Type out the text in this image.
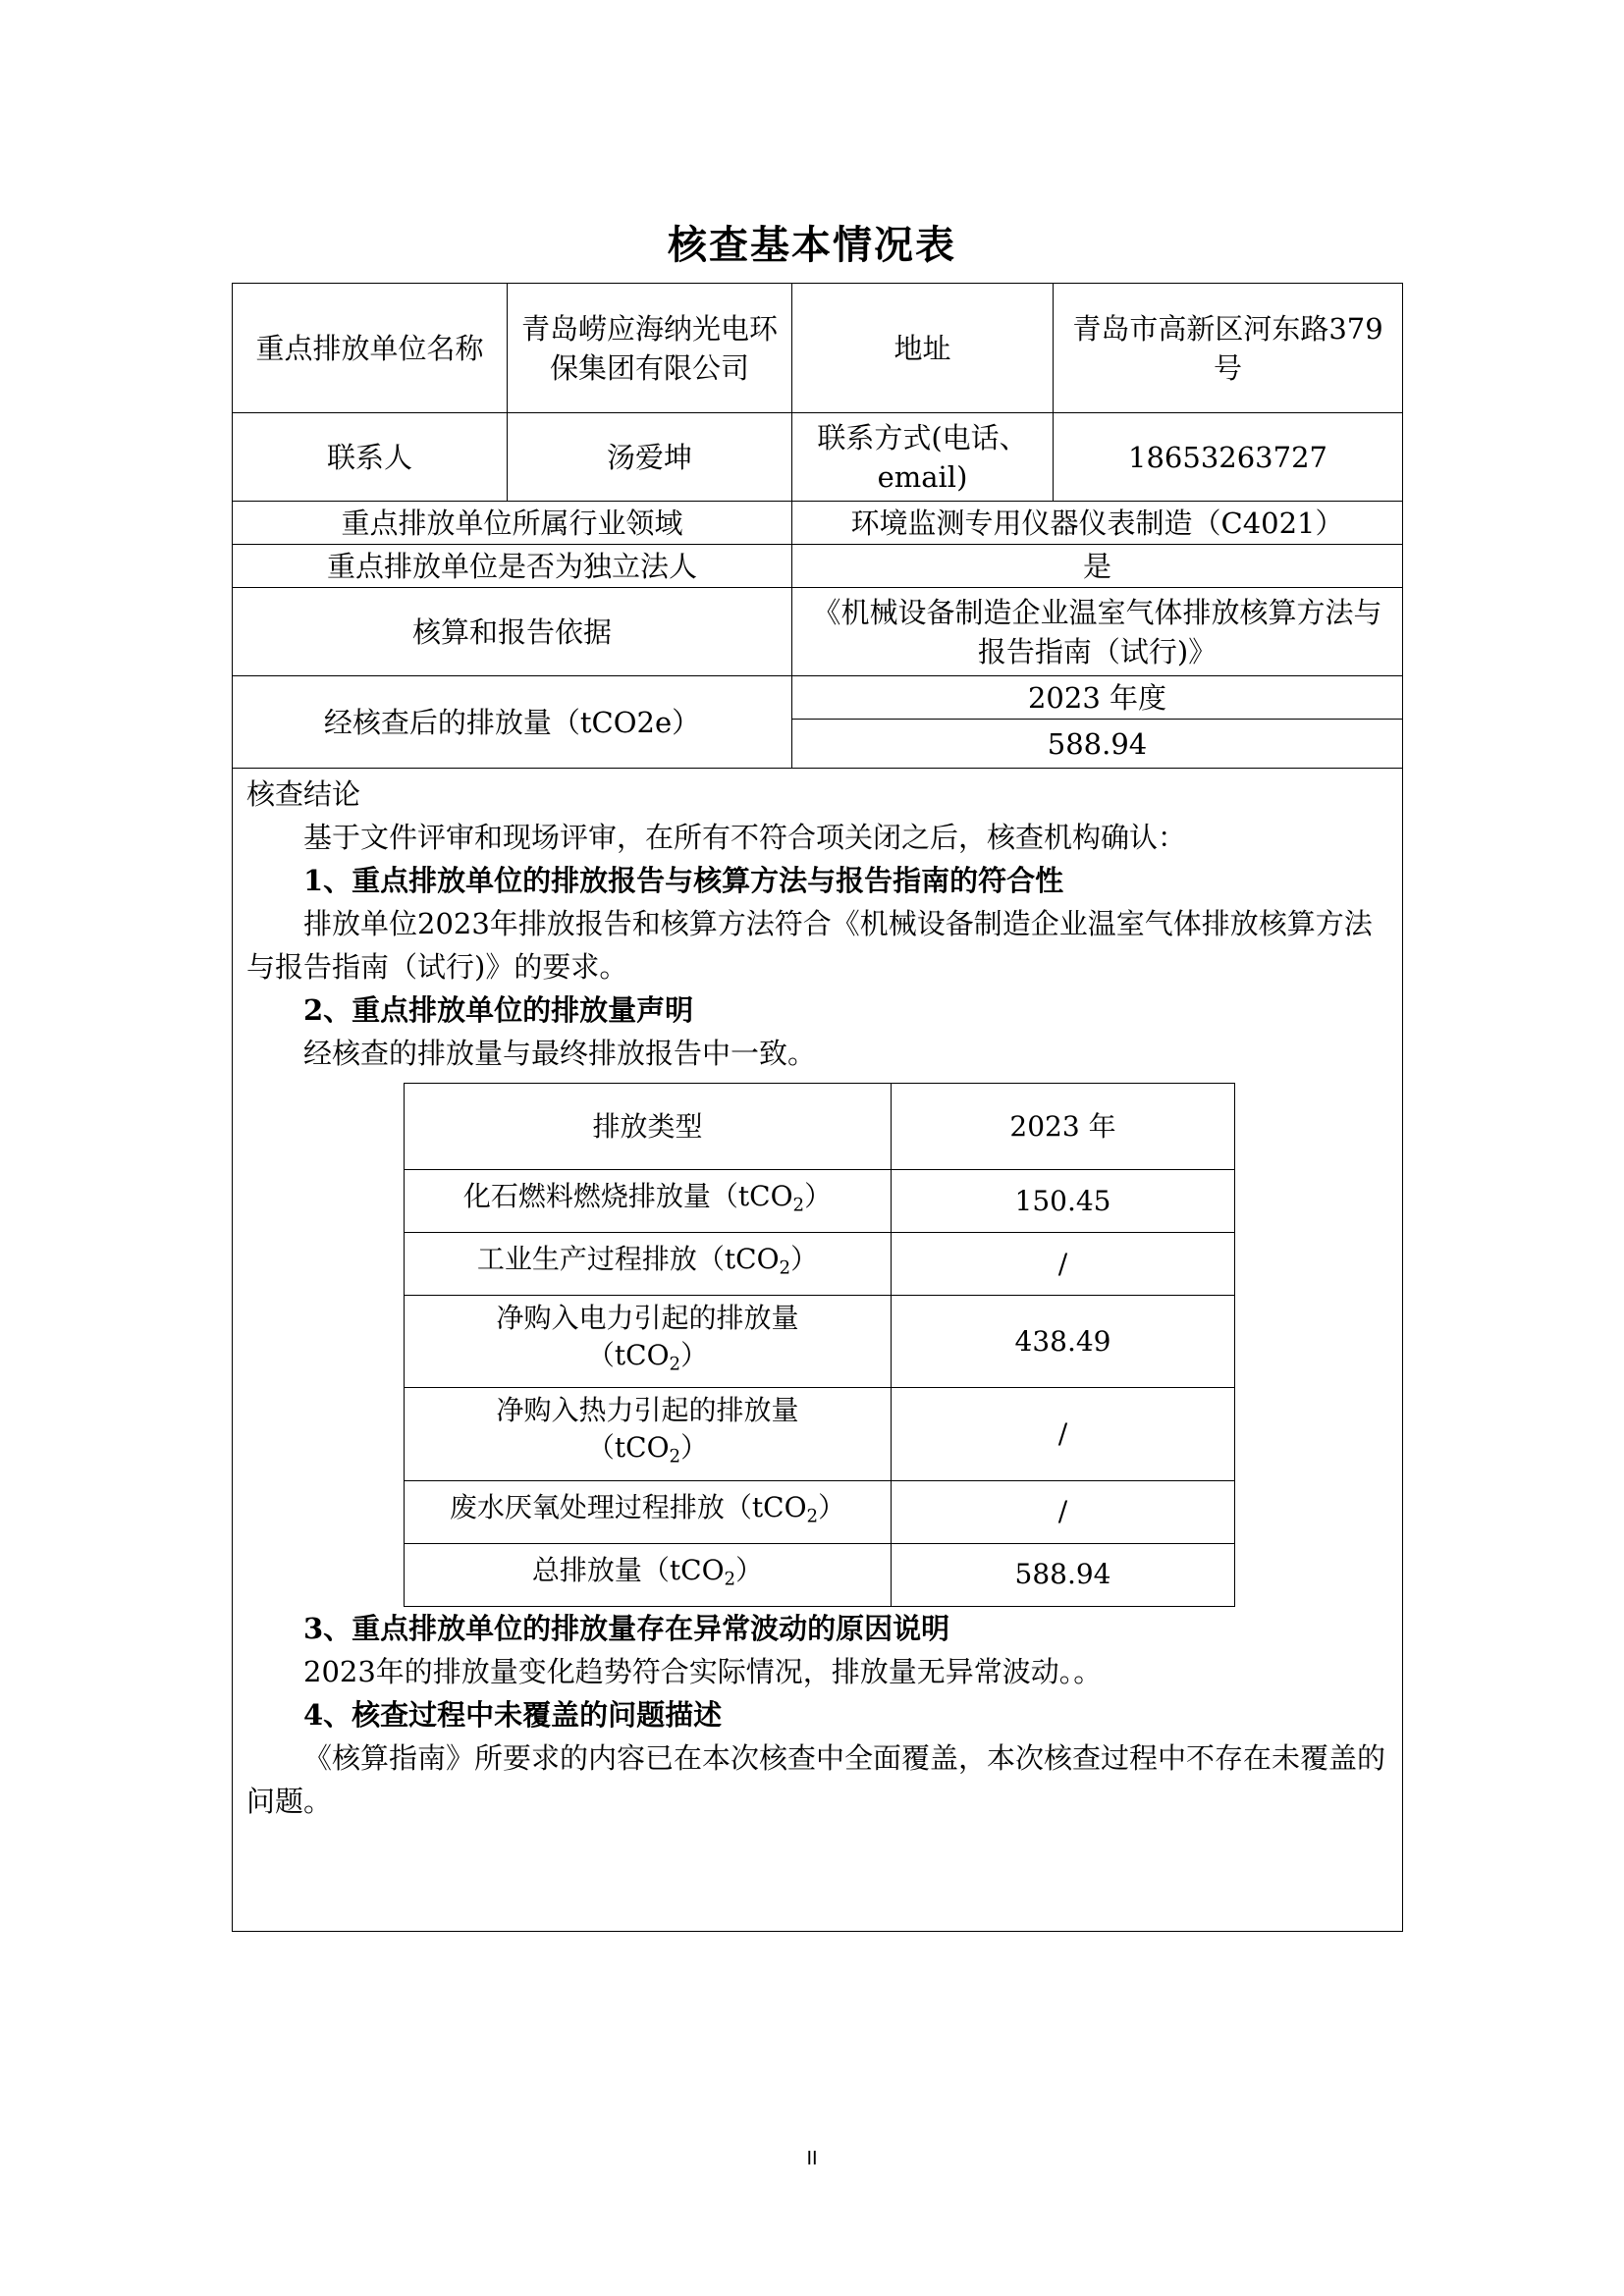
核查基本情况表
重点排放单位名称	青岛崂应海纳光电环保集团有限公司	地址	青岛市高新区河东路379号
联系人	汤爱坤	联系方式(电话、email)	18653263727
重点排放单位所属行业领域	环境监测专用仪器仪表制造（C4021）
重点排放单位是否为独立法人	是
核算和报告依据	《机械设备制造企业温室气体排放核算方法与报告指南（试行)》
经核查后的排放量（tCO2e）	2023 年度
588.94

核查结论

基于文件评审和现场评审，在所有不符合项关闭之后，核查机构确认：

1、重点排放单位的排放报告与核算方法与报告指南的符合性

排放单位2023年排放报告和核算方法符合《机械设备制造企业温室气体排放核算方法与报告指南（试行)》的要求。

2、重点排放单位的排放量声明

经核查的排放量与最终排放报告中一致。

排放类型	2023 年
化石燃料燃烧排放量（tCO$_2$）	150.45
工业生产过程排放（tCO$_2$）	/
净购入电力引起的排放量（tCO$_2$）	438.49
净购入热力引起的排放量（tCO$_2$）	/
废水厌氧处理过程排放（tCO$_2$）	/
总排放量（tCO$_2$）	588.94

3、重点排放单位的排放量存在异常波动的原因说明

2023年的排放量变化趋势符合实际情况，排放量无异常波动。。

4、核查过程中未覆盖的问题描述

《核算指南》所要求的内容已在本次核查中全面覆盖，本次核查过程中不存在未覆盖的问题。

II
